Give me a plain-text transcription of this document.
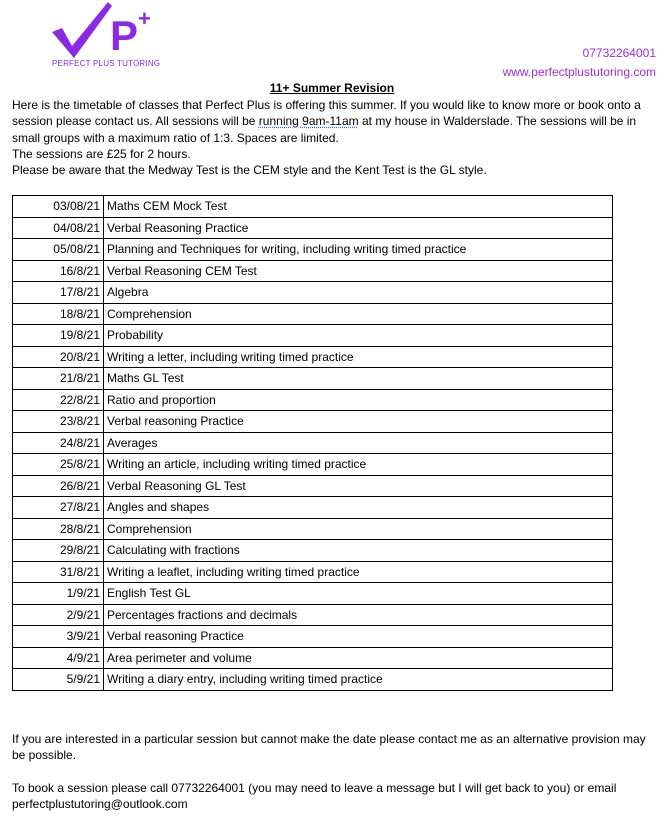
P +
PERFECT PLUS TUTORING
07732264001
www.perfectplustutoring.com
11+ Summer Revision

Here is the timetable of classes that Perfect Plus is offering this summer. If you would like to know more or book onto a session please contact us. All sessions will be running 9am-11am at my house in Walderslade. The sessions will be in small groups with a maximum ratio of 1:3. Spaces are limited.

The sessions are £25 for 2 hours.

Please be aware that the Medway Test is the CEM style and the Kent Test is the GL style.

03/08/21	Maths CEM Mock Test
04/08/21	Verbal Reasoning Practice
05/08/21	Planning and Techniques for writing, including writing timed practice
16/8/21	Verbal Reasoning CEM Test
17/8/21	Algebra
18/8/21	Comprehension
19/8/21	Probability
20/8/21	Writing a letter, including writing timed practice
21/8/21	Maths GL Test
22/8/21	Ratio and proportion
23/8/21	Verbal reasoning Practice
24/8/21	Averages
25/8/21	Writing an article, including writing timed practice
26/8/21	Verbal Reasoning GL Test
27/8/21	Angles and shapes
28/8/21	Comprehension
29/8/21	Calculating with fractions
31/8/21	Writing a leaflet, including writing timed practice
1/9/21	English Test GL
2/9/21	Percentages fractions and decimals
3/9/21	Verbal reasoning Practice
4/9/21	Area perimeter and volume
5/9/21	Writing a diary entry, including writing timed practice

If you are interested in a particular session but cannot make the date please contact me as an alternative provision may be possible.

To book a session please call 07732264001 (you may need to leave a message but I will get back to you) or email perfectplustutoring@outlook.com
